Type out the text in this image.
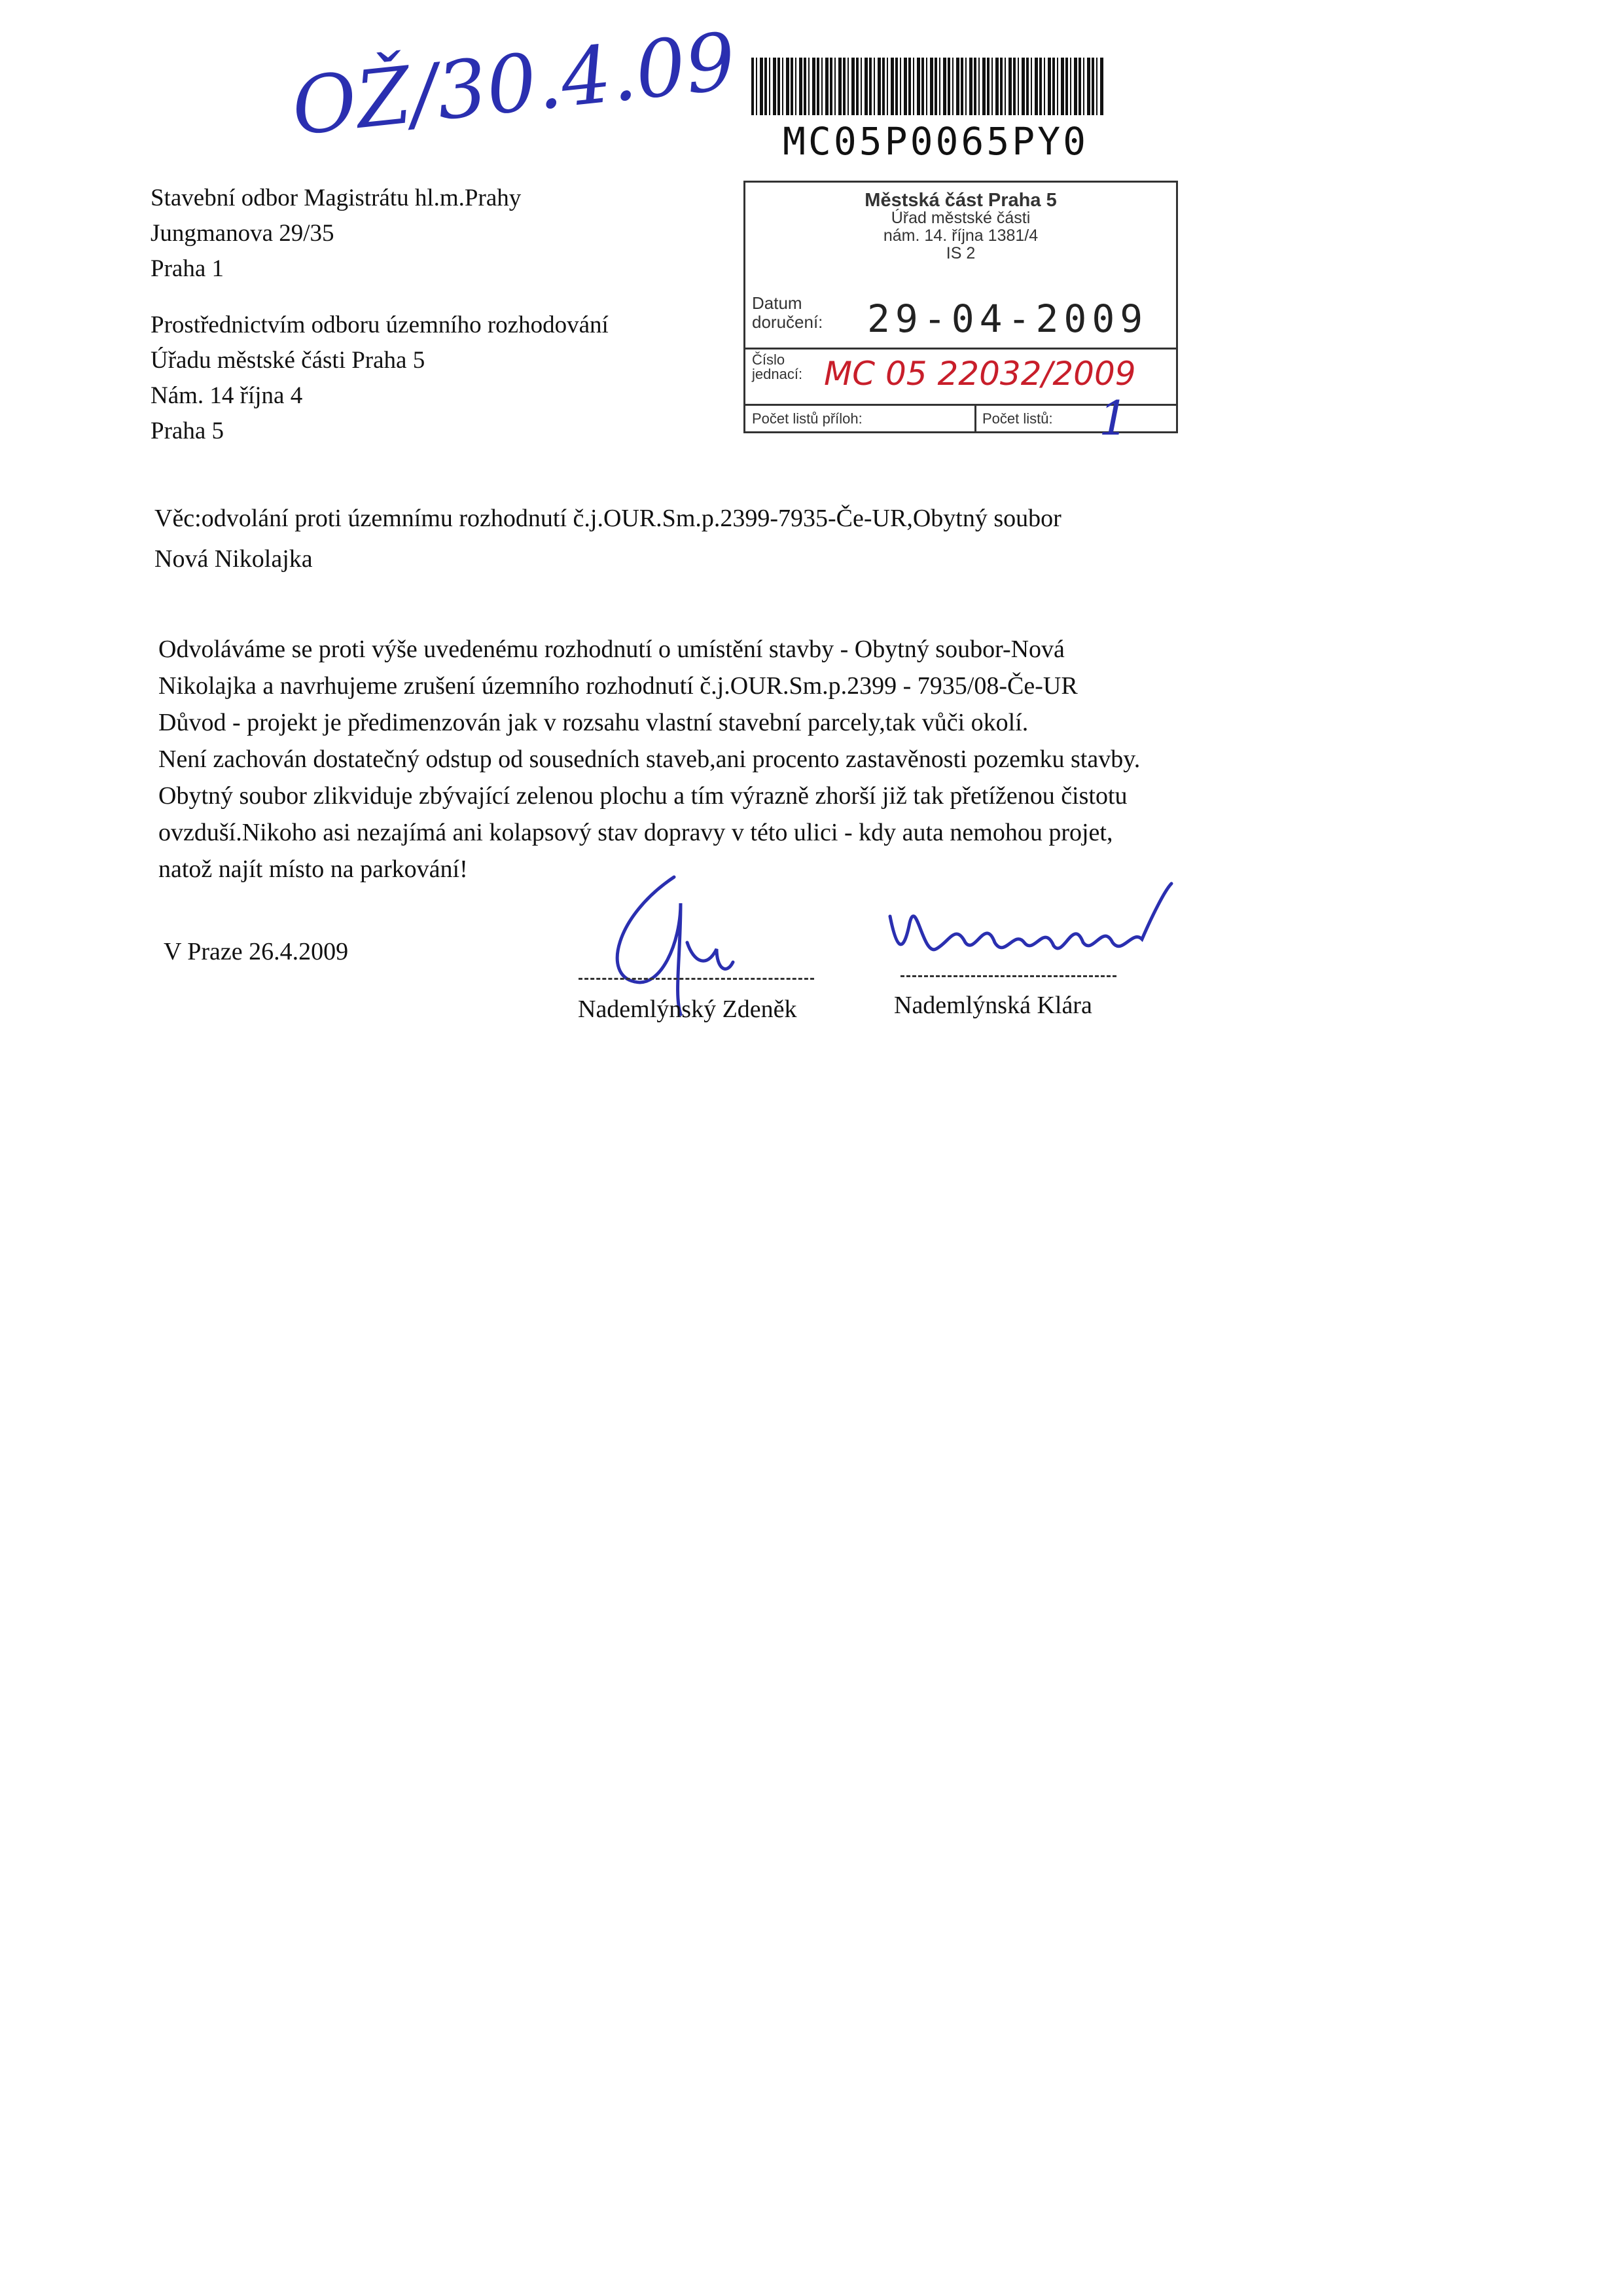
OŽ/30.4.09 MC05P0065PY0
Stavební odbor Magistrátu hl.m.Prahy
Jungmanova 29/35
Praha 1
Prostřednictvím odboru územního rozhodování
Úřadu městské části Praha 5
Nám. 14 října 4
Praha 5
Městská část Praha 5
Úřad městské části
nám. 14. října 1381/4
IS 2
Datum
doručení: 29-04-2009
Číslo
jednací: MC 05 22032/2009
Počet listů příloh:	Počet listů: 1
Věc:odvolání proti územnímu rozhodnutí č.j.OUR.Sm.p.2399-7935-Če-UR,Obytný soubor
Nová Nikolajka
Odvoláváme se proti výše uvedenému rozhodnutí o umístění stavby - Obytný soubor-Nová
Nikolajka a navrhujeme zrušení územního rozhodnutí č.j.OUR.Sm.p.2399 - 7935/08-Če-UR
Důvod - projekt je předimenzován jak v rozsahu vlastní stavební parcely,tak vůči okolí.
Není zachován dostatečný odstup od sousedních staveb,ani procento zastavěnosti pozemku stavby.
Obytný soubor zlikviduje zbývající zelenou plochu a tím výrazně zhorší již tak přetíženou čistotu
ovzduší.Nikoho asi nezajímá ani kolapsový stav dopravy v této ulici - kdy auta nemohou projet,
natož najít místo na parkování!
V Praze 26.4.2009
Nademlýnský Zdeněk	Nademlýnská Klára
